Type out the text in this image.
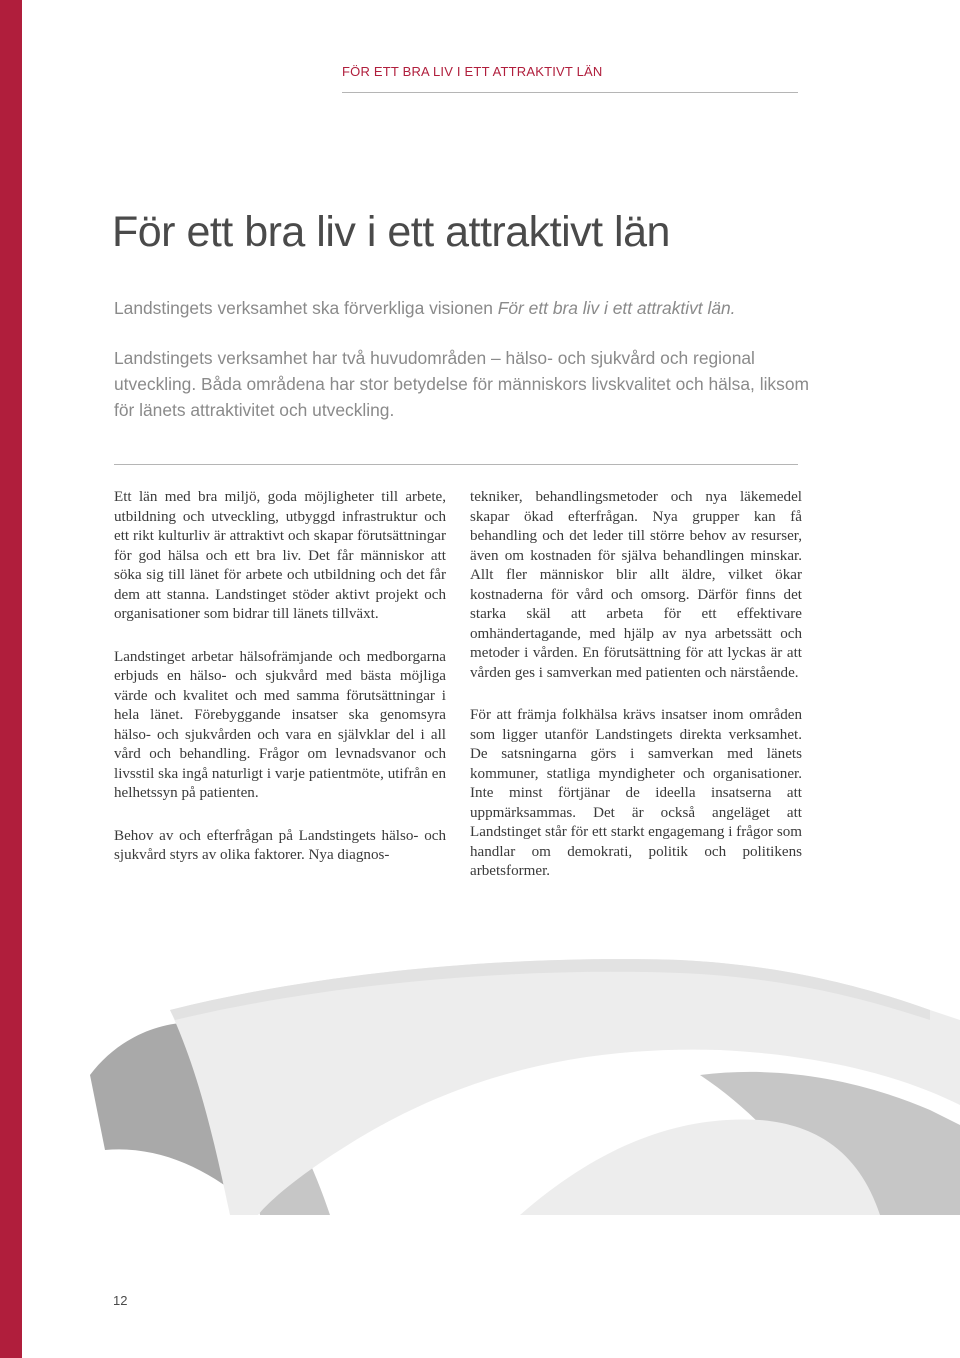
FÖR ETT BRA LIV I ETT ATTRAKTIVT LÄN
För ett bra liv i ett attraktivt län

Landstingets verksamhet ska förverkliga visionen För ett bra liv i ett attraktivt län.

Landstingets verksamhet har två huvudområden – hälso- och sjukvård och regional utveckling. Båda områdena har stor betydelse för människors livskvalitet och hälsa, liksom för länets attraktivitet och utveckling.

Ett län med bra miljö, goda möjligheter till arbete, utbildning och utveckling, utbyggd infrastruktur och ett rikt kulturliv är attraktivt och skapar förutsättningar för god hälsa och ett bra liv. Det får människor att söka sig till länet för arbete och utbildning och det får dem att stanna. Landstinget stöder aktivt projekt och organisationer som bidrar till länets tillväxt.

Landstinget arbetar hälsofrämjande och medborgarna erbjuds en hälso- och sjukvård med bästa möjliga värde och kvalitet och med samma förutsättningar i hela länet. Förebyggande insatser ska genomsyra hälso- och sjukvården och vara en självklar del i all vård och behandling. Frågor om levnadsvanor och livsstil ska ingå naturligt i varje patientmöte, utifrån en helhetssyn på patienten.

Behov av och efterfrågan på Landstingets hälso- och sjukvård styrs av olika faktorer. Nya diagnos-

tekniker, behandlingsmetoder och nya läkemedel skapar ökad efterfrågan. Nya grupper kan få behandling och det leder till större behov av resurser, även om kostnaden för själva behandlingen minskar. Allt fler människor blir allt äldre, vilket ökar kostnaderna för vård och omsorg. Därför finns det starka skäl att arbeta för ett effektivare omhändertagande, med hjälp av nya arbetssätt och metoder i vården. En förutsättning för att lyckas är att vården ges i samverkan med patienten och närstående.

För att främja folkhälsa krävs insatser inom områden som ligger utanför Landstingets direkta verksamhet. De satsningarna görs i samverkan med länets kommuner, statliga myndigheter och organisationer. Inte minst förtjänar de ideella insatserna att uppmärksammas. Det är också angeläget att Landstinget står för ett starkt engagemang i frågor som handlar om demokrati, politik och politikens arbetsformer.

12
